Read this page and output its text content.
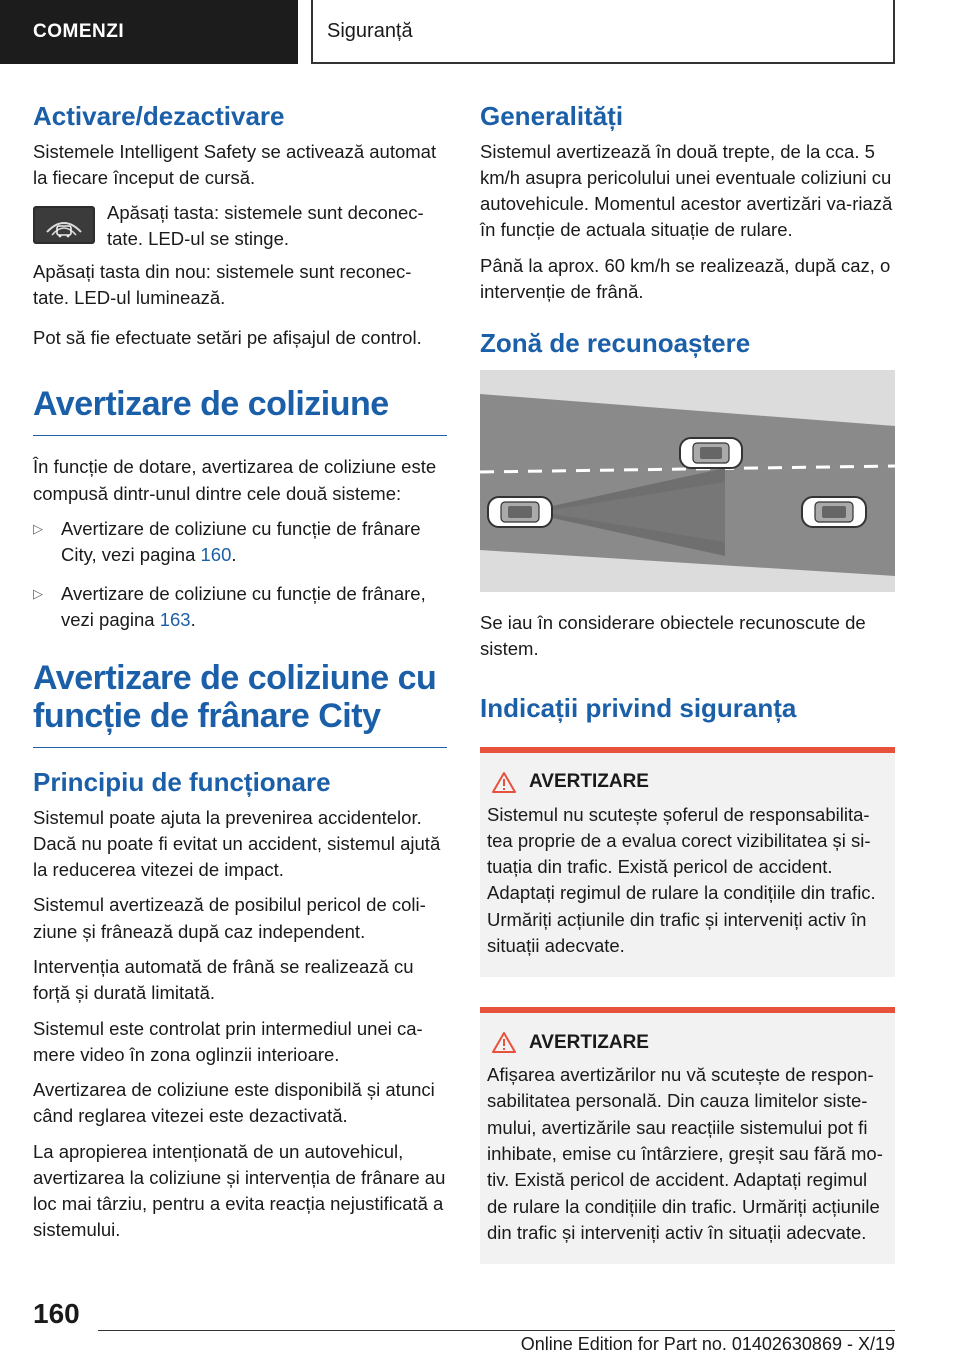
COMENZI	Siguranță
Activare/dezactivare

Sistemele Intelligent Safety se activează automat la fiecare început de cursă.

Apăsați tasta: sistemele sunt deconec-tate. LED-ul se stinge.

Apăsați tasta din nou: sistemele sunt reconec-tate. LED-ul luminează.

Pot să fie efectuate setări pe afișajul de control.

Avertizare de coliziune

În funcție de dotare, avertizarea de coliziune este compusă dintr-unul dintre cele două sisteme:

▷ Avertizare de coliziune cu funcție de frânare City, vezi pagina 160.
▷ Avertizare de coliziune cu funcție de frânare, vezi pagina 163.
Avertizare de coliziune cu funcție de frânare City
Principiu de funcționare

Sistemul poate ajuta la prevenirea accidentelor. Dacă nu poate fi evitat un accident, sistemul ajută la reducerea vitezei de impact.

Sistemul avertizează de posibilul pericol de coli-ziune și frânează după caz independent.

Intervenția automată de frână se realizează cu forță și durată limitată.

Sistemul este controlat prin intermediul unei ca-mere video în zona oglinzii interioare.

Avertizarea de coliziune este disponibilă și atunci când reglarea vitezei este dezactivată.

La apropierea intenționată de un autovehicul, avertizarea la coliziune și intervenția de frânare au loc mai târziu, pentru a evita reacția nejustificată a sistemului.

Generalități

Sistemul avertizează în două trepte, de la cca. 5 km/h asupra pericolului unei eventuale coliziuni cu autovehicule. Momentul acestor avertizări va-riază în funcție de actuala situație de rulare.

Până la aprox. 60 km/h se realizează, după caz, o intervenție de frână.

Zonă de recunoaștere

Se iau în considerare obiectele recunoscute de sistem.

Indicații privind siguranța
AVERTIZARE

Sistemul nu scutește șoferul de responsabilita-tea proprie de a evalua corect vizibilitatea și si-tuația din trafic. Există pericol de accident. Adaptați regimul de rulare la condițiile din trafic. Urmăriți acțiunile din trafic și interveniți activ în situații adecvate.

AVERTIZARE

Afișarea avertizărilor nu vă scutește de respon-sabilitatea personală. Din cauza limitelor siste-mului, avertizările sau reacțiile sistemului pot fi inhibate, emise cu întârziere, greșit sau fără mo-tiv. Există pericol de accident. Adaptați regimul de rulare la condițiile din trafic. Urmăriți acțiunile din trafic și interveniți activ în situații adecvate.

160
Online Edition for Part no. 01402630869 - X/19
